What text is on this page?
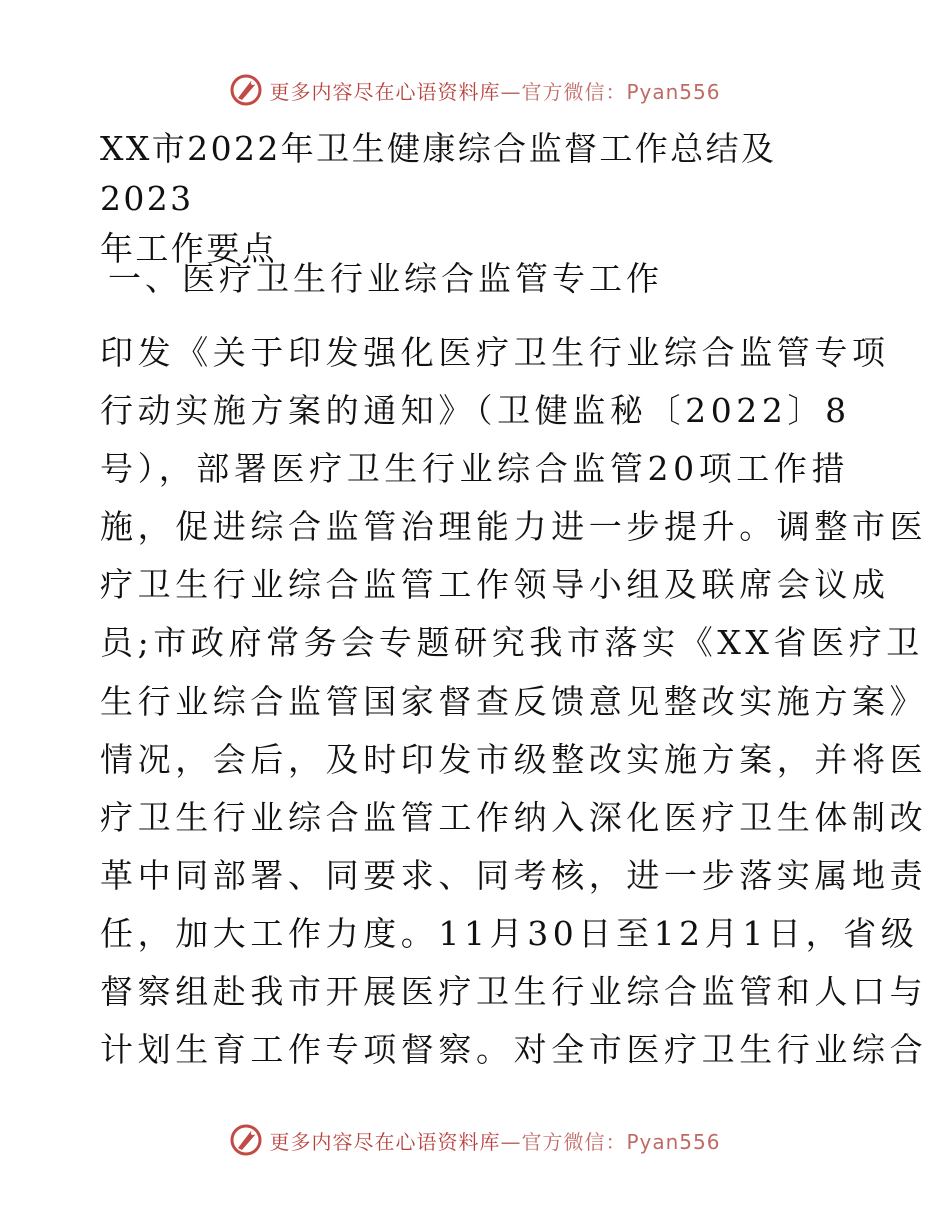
更多内容尽在心语资料库—官方微信：Pyan556
XX市2022年卫生健康综合监督工作总结及2023
年工作要点
一、医疗卫生行业综合监管专工作
印发《关于印发强化医疗卫生行业综合监管专项
行动实施方案的通知》（卫健监秘〔2022〕8
号），部署医疗卫生行业综合监管20项工作措
施，促进综合监管治理能力进一步提升。调整市医
疗卫生行业综合监管工作领导小组及联席会议成
员;市政府常务会专题研究我市落实《XX省医疗卫
生行业综合监管国家督查反馈意见整改实施方案》
情况，会后，及时印发市级整改实施方案，并将医
疗卫生行业综合监管工作纳入深化医疗卫生体制改
革中同部署、同要求、同考核，进一步落实属地责
任，加大工作力度。11月30日至12月1日，省级
督察组赴我市开展医疗卫生行业综合监管和人口与
计划生育工作专项督察。对全市医疗卫生行业综合
更多内容尽在心语资料库—官方微信：Pyan556
